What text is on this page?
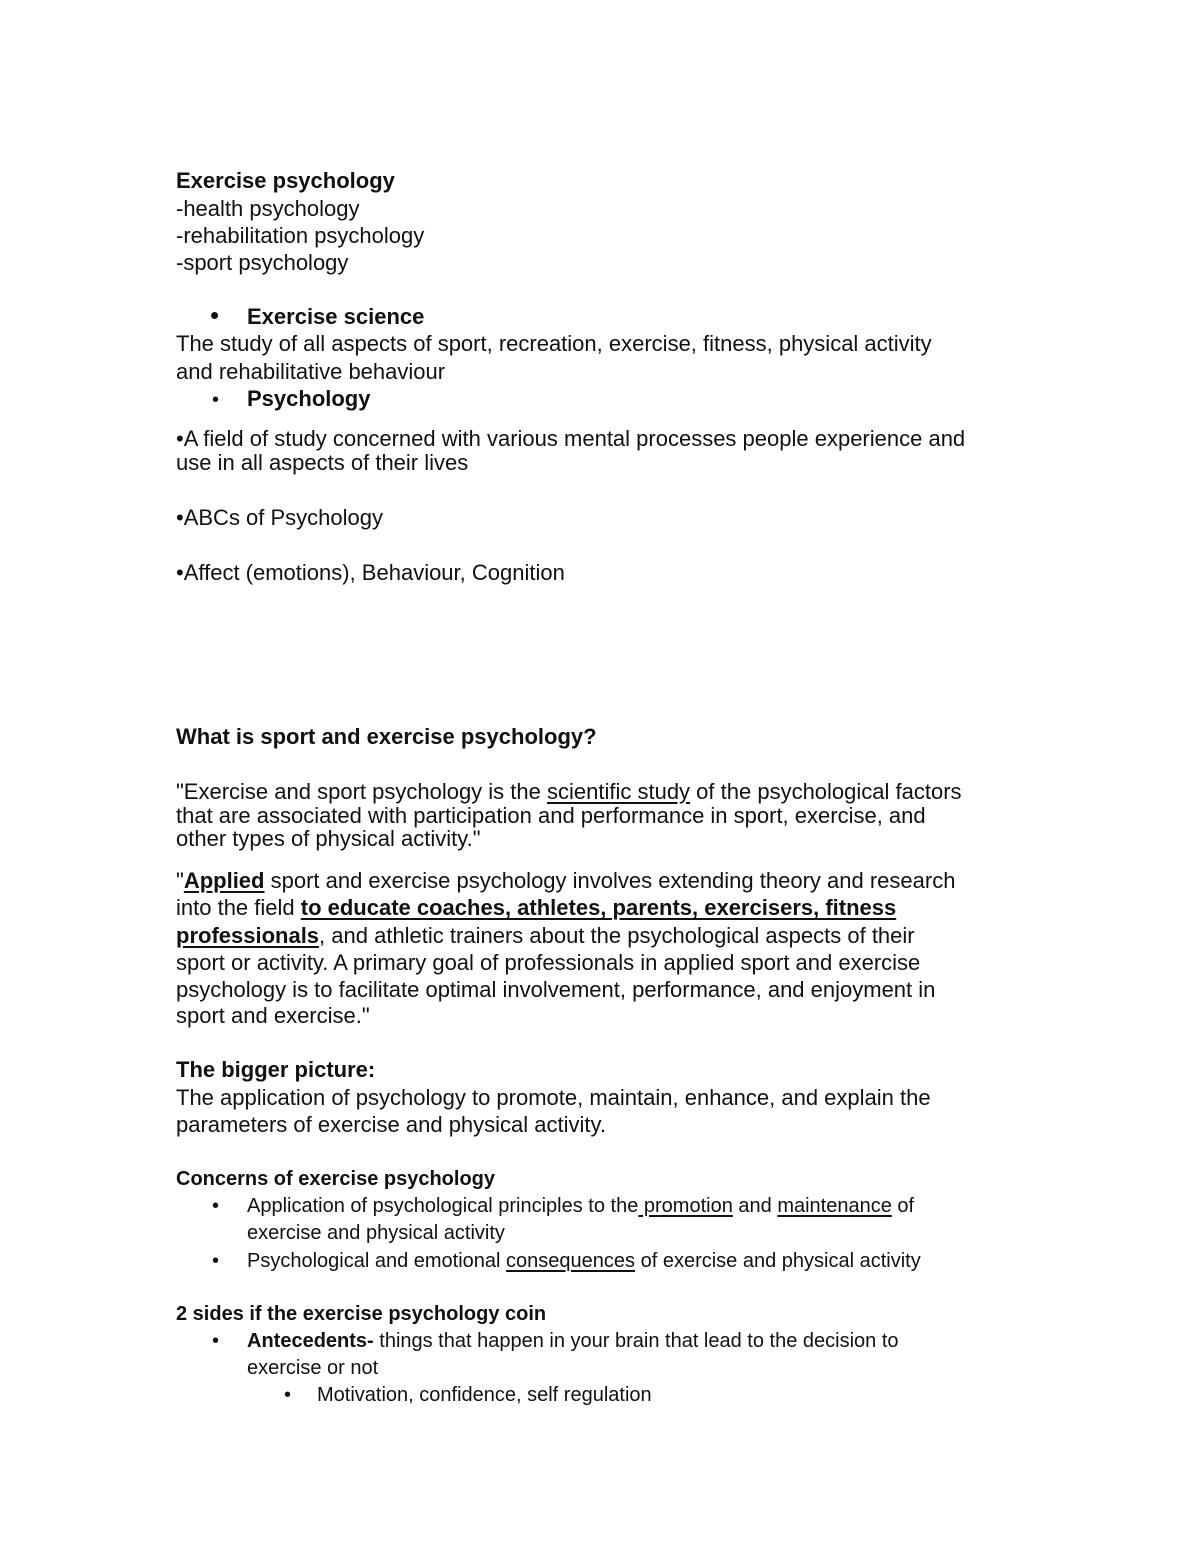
Exercise psychology
-health psychology
-rehabilitation psychology
-sport psychology
• Exercise science
The study of all aspects of sport, recreation, exercise, fitness, physical activity
and rehabilitative behaviour
• Psychology
•A field of study concerned with various mental processes people experience and
use in all aspects of their lives
•ABCs of Psychology
•Affect (emotions), Behaviour, Cognition
What is sport and exercise psychology?
"Exercise and sport psychology is the scientific study of the psychological factors
that are associated with participation and performance in sport, exercise, and
other types of physical activity."
"Applied sport and exercise psychology involves extending theory and research
into the field to educate coaches, athletes, parents, exercisers, fitness
professionals, and athletic trainers about the psychological aspects of their
sport or activity. A primary goal of professionals in applied sport and exercise
psychology is to facilitate optimal involvement, performance, and enjoyment in
sport and exercise."
The bigger picture:
The application of psychology to promote, maintain, enhance, and explain the
parameters of exercise and physical activity.
Concerns of exercise psychology
• Application of psychological principles to the promotion and maintenance of
exercise and physical activity
• Psychological and emotional consequences of exercise and physical activity
2 sides if the exercise psychology coin
• Antecedents- things that happen in your brain that lead to the decision to
exercise or not
• Motivation, confidence, self regulation
